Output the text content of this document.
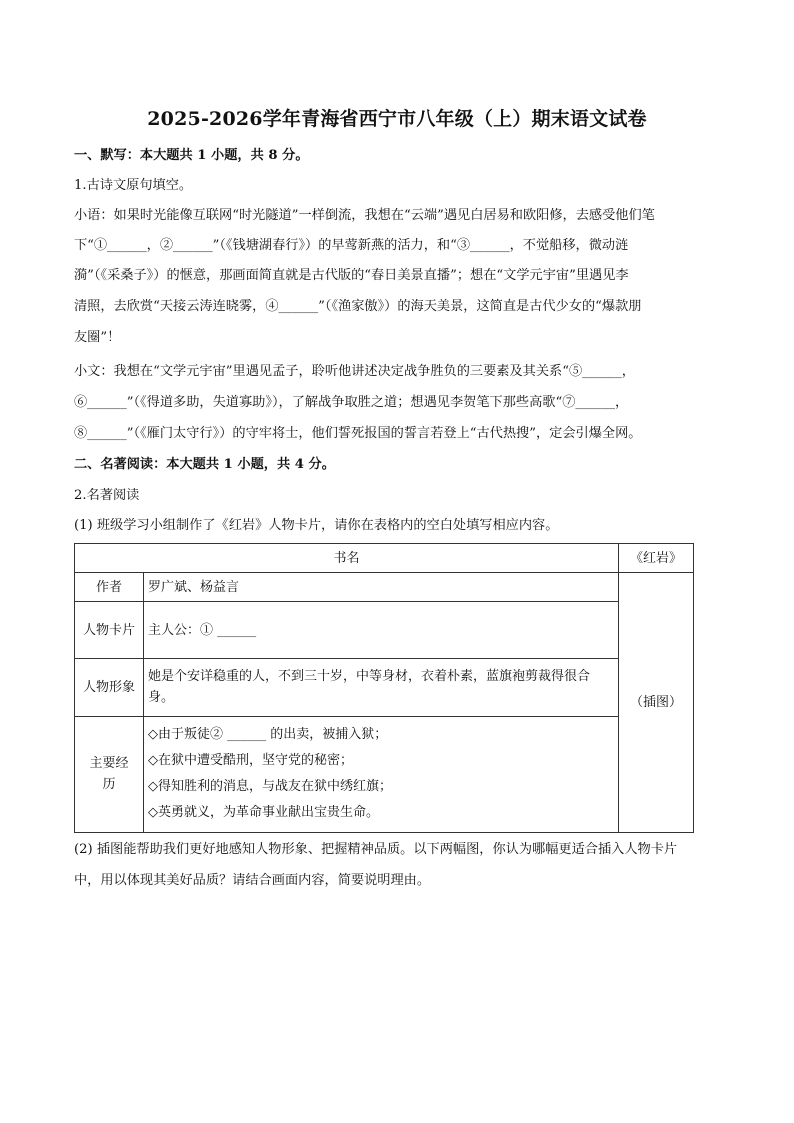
2025-2026学年青海省西宁市八年级（上）期末语文试卷
一、默写：本大题共 1 小题，共 8 分。
1.古诗文原句填空。
小语：如果时光能像互联网“时光隧道”一样倒流，我想在“云端”遇见白居易和欧阳修，去感受他们笔
下“①______，②______”（《钱塘湖春行》）的早莺新燕的活力，和“③______，不觉船移，微动涟
漪”（《采桑子》）的惬意，那画面简直就是古代版的“春日美景直播”；想在“文学元宇宙”里遇见李
清照，去欣赏“天接云涛连晓雾，④______”（《渔家傲》）的海天美景，这简直是古代少女的“爆款朋
友圈”！
小文：我想在“文学元宇宙”里遇见孟子，聆听他讲述决定战争胜负的三要素及其关系“⑤______，
⑥______”（《得道多助，失道寡助》），了解战争取胜之道；想遇见李贺笔下那些高歌“⑦______，
⑧______”（《雁门太守行》）的守牢将士，他们誓死报国的誓言若登上“古代热搜”，定会引爆全网。
二、名著阅读：本大题共 1 小题，共 4 分。
2.名著阅读
(1) 班级学习小组制作了《红岩》人物卡片，请你在表格内的空白处填写相应内容。
书名		《红岩》
作者	罗广斌、杨益言	（插图）
人物卡片	主人公：① ______	
人物形象	她是个安详稳重的人，不到三十岁，中等身材，衣着朴素，蓝旗袍剪裁得很合身。	
主要经历	◇由于叛徒② ______ 的出卖，被捕入狱；
◇在狱中遭受酷刑，坚守党的秘密；
◇得知胜利的消息，与战友在狱中绣红旗；
◇英勇就义，为革命事业献出宝贵生命。	
(2) 插图能帮助我们更好地感知人物形象、把握精神品质。以下两幅图，你认为哪幅更适合插入人物卡片
中，用以体现其美好品质？请结合画面内容，简要说明理由。
